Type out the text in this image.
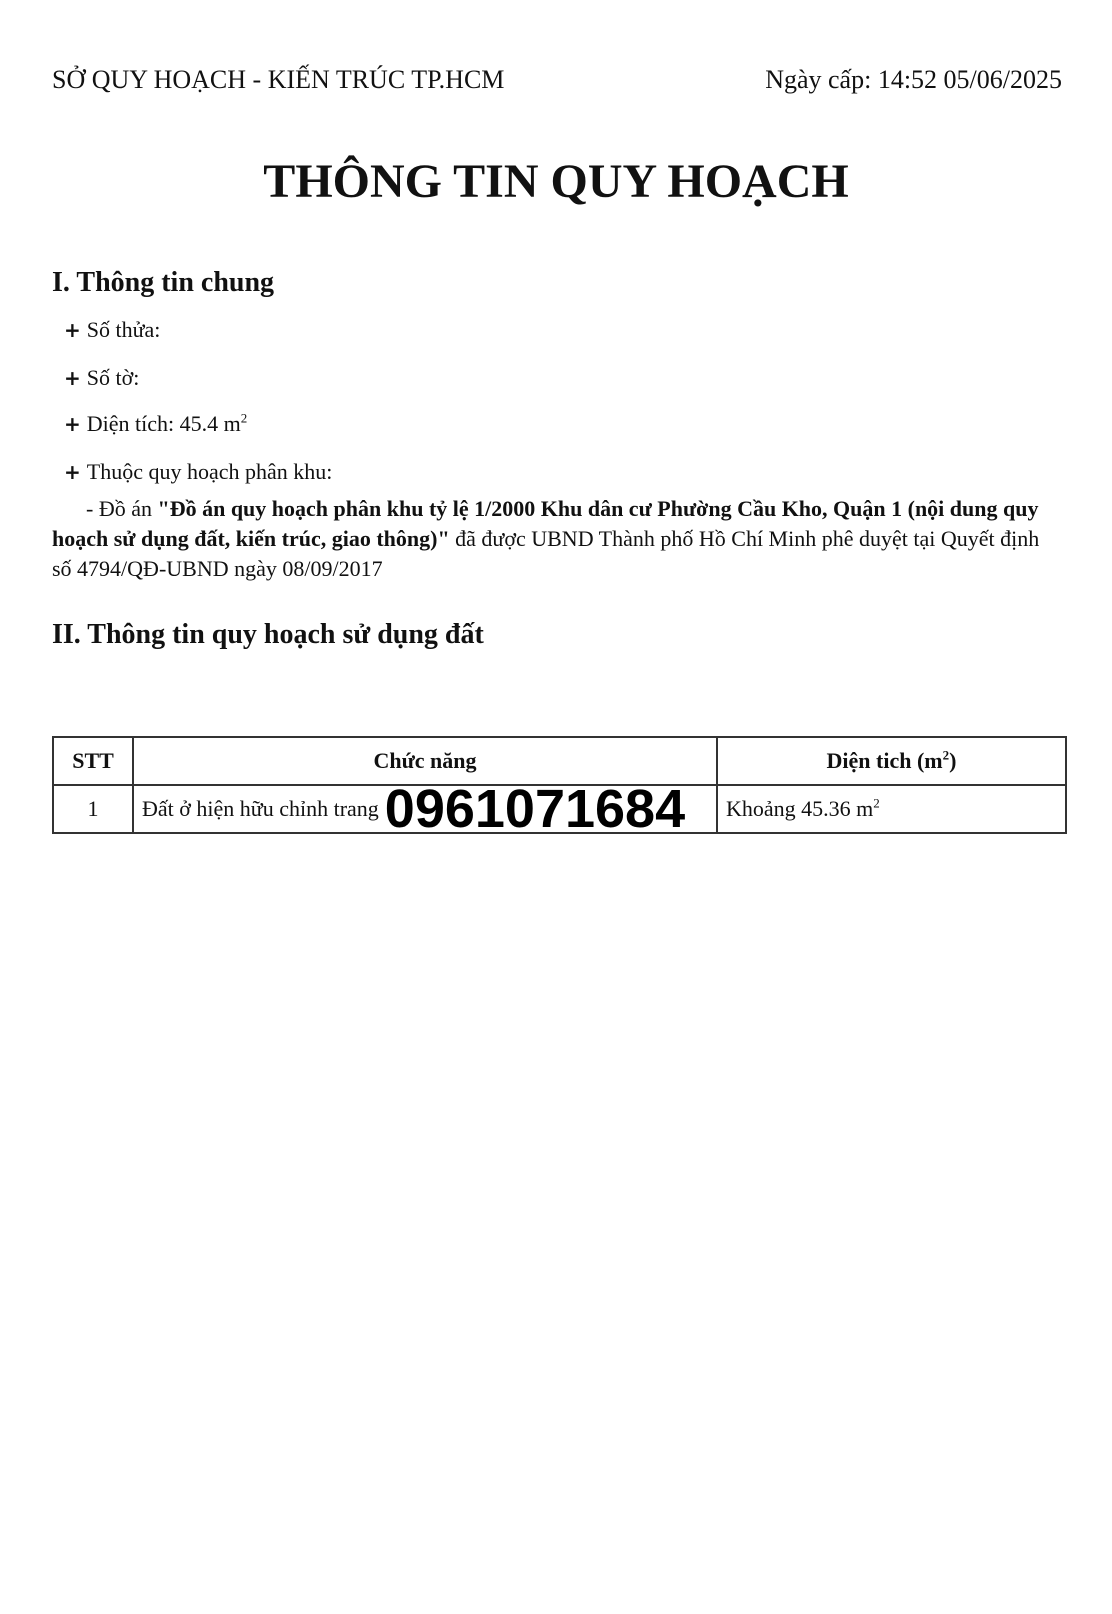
SỞ QUY HOẠCH - KIẾN TRÚC TP.HCM	Ngày cấp: 14:52 05/06/2025
THÔNG TIN QUY HOẠCH
I. Thông tin chung
+ Số thửa:
+ Số tờ:
+ Diện tích: 45.4 $m^2$
+ Thuộc quy hoạch phân khu:
- Đồ án "Đồ án quy hoạch phân khu tỷ lệ 1/2000 Khu dân cư Phường Cầu Kho, Quận 1 (nội dung quy hoạch sử dụng đất, kiến trúc, giao thông)" đã được UBND Thành phố Hồ Chí Minh phê duyệt tại Quyết định số 4794/QĐ-UBND ngày 08/09/2017
II. Thông tin quy hoạch sử dụng đất
STT	Chức năng	Diện tich $(m^2)$
1	Đất ở hiện hữu chỉnh trang 0961071684	Khoảng 45.36 $m^2$
